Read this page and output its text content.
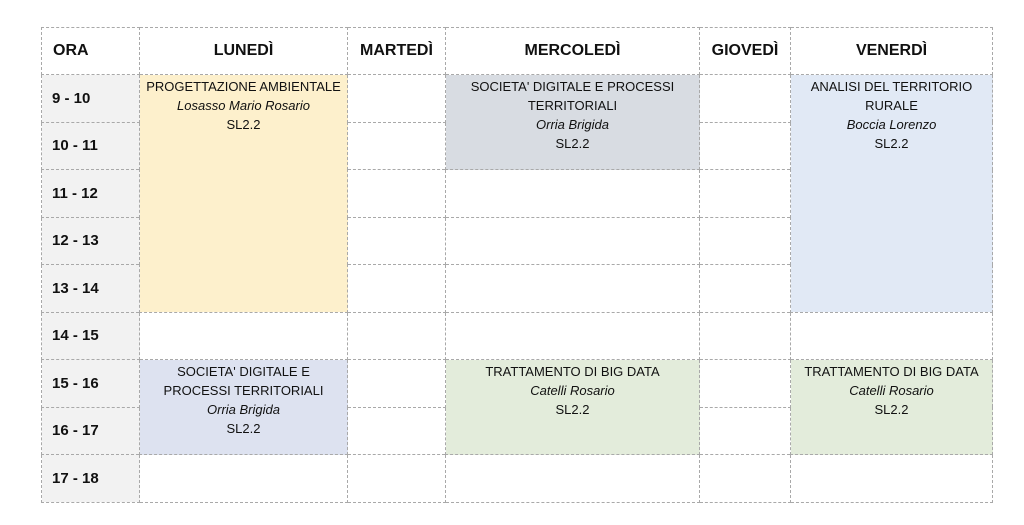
ORA	LUNEDÌ	MARTEDÌ	MERCOLEDÌ	GIOVEDÌ	VENERDÌ
9 - 10	PROGETTAZIONE AMBIENTALE
Losasso Mario Rosario
SL2.2		SOCIETA' DIGITALE E PROCESSI TERRITORIALI
Orria Brigida
SL2.2		ANALISI DEL TERRITORIO RURALE
Boccia Lorenzo
SL2.2

10 - 11					
11 - 12					
12 - 13					
13 - 14					
14 - 15					
15 - 16	SOCIETA' DIGITALE E PROCESSI TERRITORIALI
Orria Brigida
SL2.2		TRATTAMENTO DI BIG DATA
Catelli Rosario
SL2.2		TRATTAMENTO DI BIG DATA
Catelli Rosario
SL2.2

16 - 17					
17 - 18					
